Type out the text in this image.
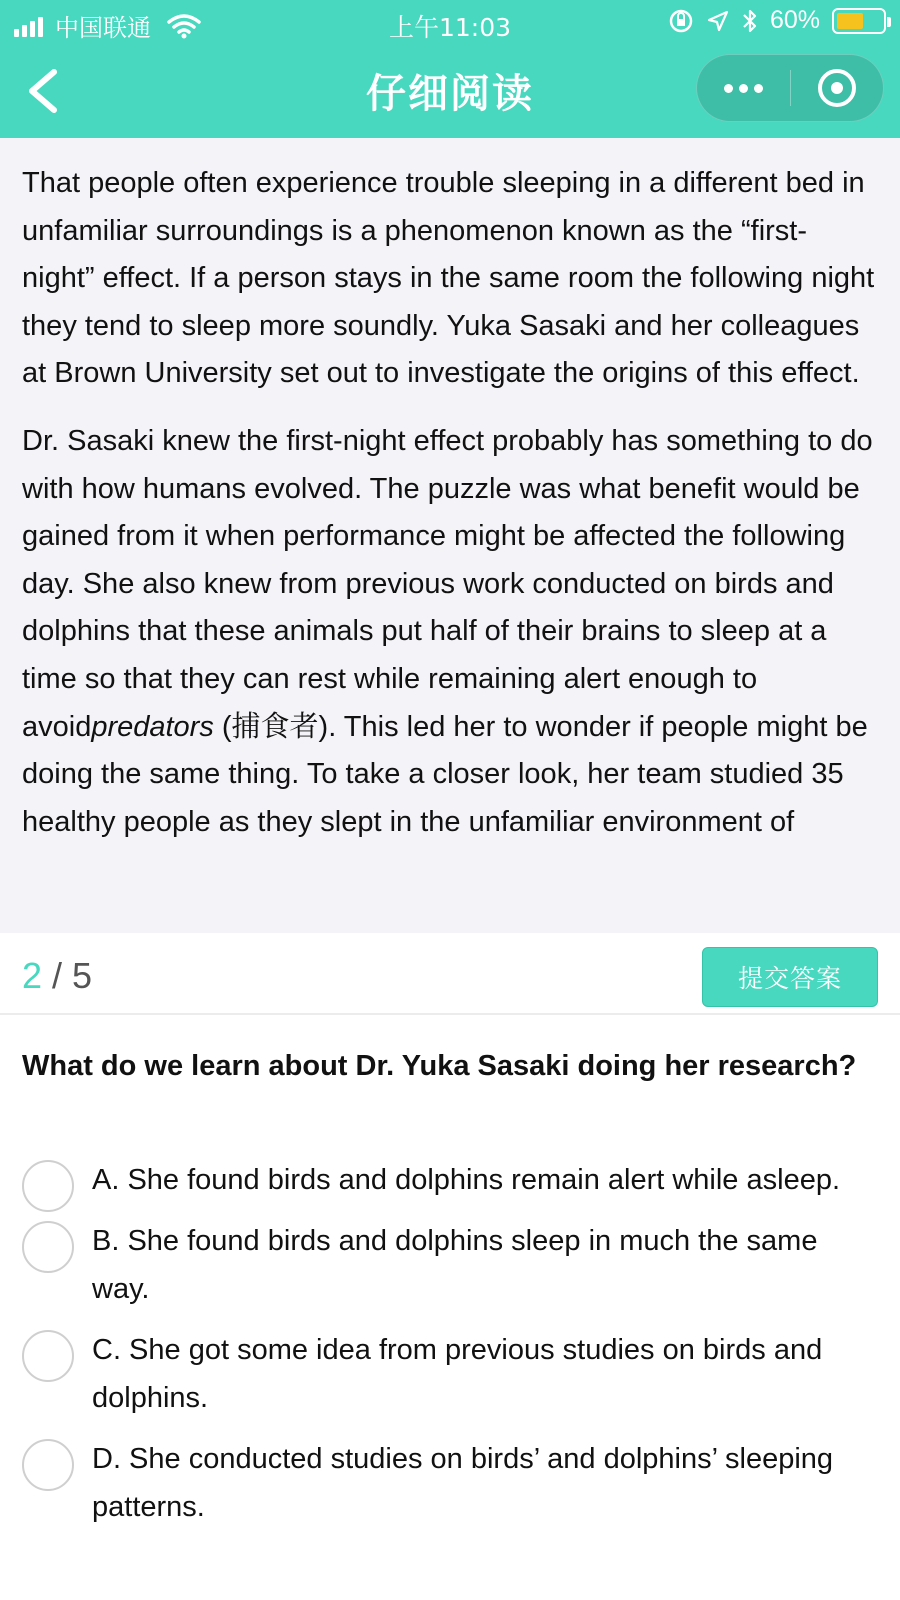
中国联通	上午11:03	60%
仔细阅读

That people often experience trouble sleeping in a different bed in unfamiliar surroundings is a phenomenon known as the “first-night” effect. If a person stays in the same room the following night they tend to sleep more soundly. Yuka Sasaki and her colleagues at Brown University set out to investigate the origins of this effect.

Dr. Sasaki knew the first-night effect probably has something to do with how humans evolved. The puzzle was what benefit would be gained from it when performance might be affected the following day. She also knew from previous work conducted on birds and dolphins that these animals put half of their brains to sleep at a time so that they can rest while remaining alert enough to avoidpredators (捕食者). This led her to wonder if people might be doing the same thing. To take a closer look, her team studied 35 healthy people as they slept in the unfamiliar environment of

2 / 5	提交答案
What do we learn about Dr. Yuka Sasaki doing her research?
A. She found birds and dolphins remain alert while asleep.
B. She found birds and dolphins sleep in much the same way.
C. She got some idea from previous studies on birds and dolphins.
D. She conducted studies on birds’ and dolphins’ sleeping patterns.
